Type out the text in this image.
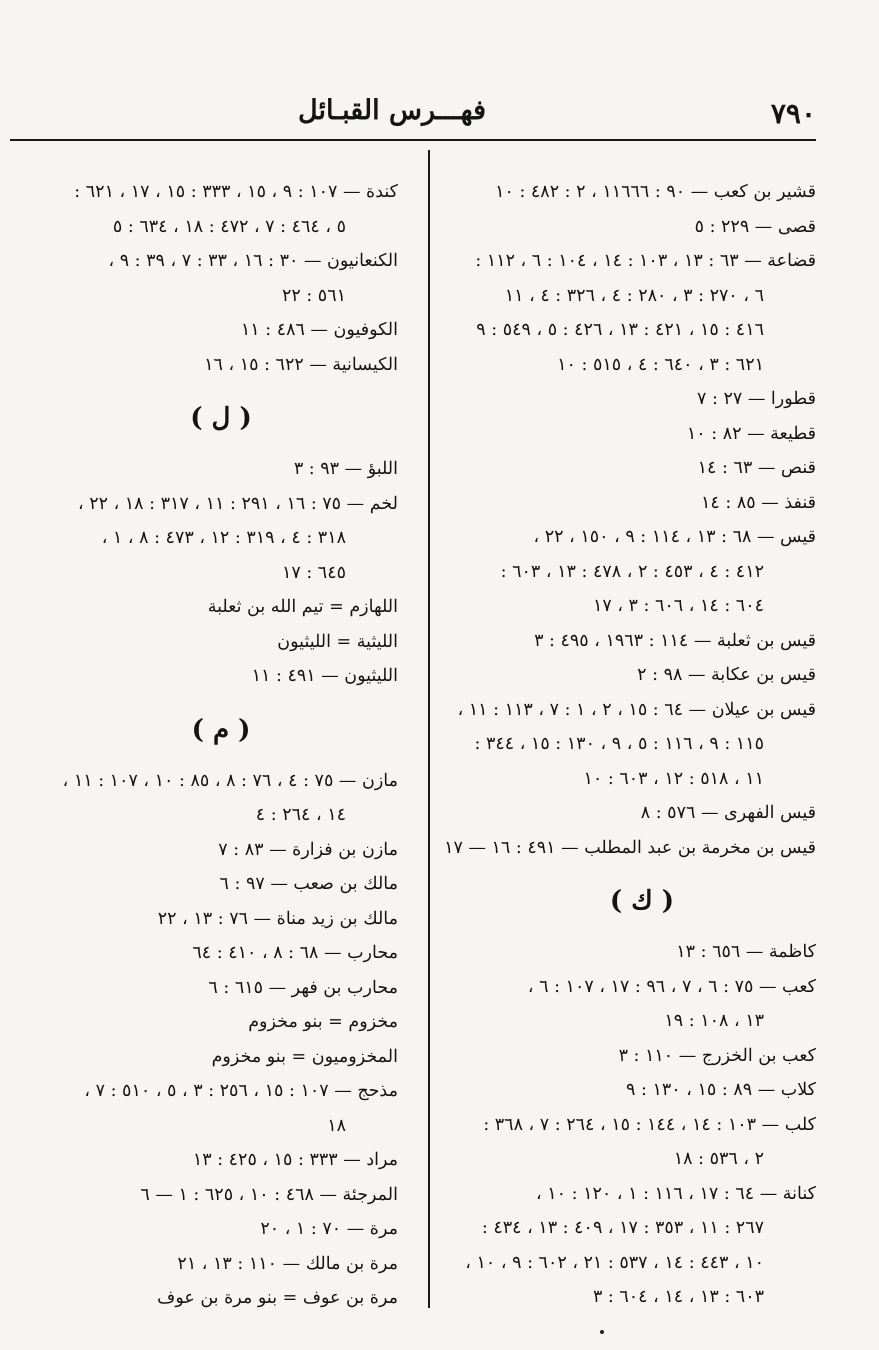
٧٩٠
فهـــرس القبـائل
قشير بن كعب — ٩٠ : ١١٦٦٦ ، ٢ : ٤٨٢ : ١٠
قصى — ٢٢٩ : ٥
قضاعة — ٦٣ : ١٣ ، ١٠٣ : ١٤ ، ١٠٤ : ٦ ، ١١٢ :
٦ ، ٢٧٠ : ٣ ، ٢٨٠ : ٤ ، ٣٢٦ : ٤ ، ١١
٤١٦ : ١٥ ، ٤٢١ : ١٣ ، ٤٢٦ : ٥ ، ٥٤٩ : ٩
٦٢١ : ٣ ، ٦٤٠ : ٤ ، ٥١٥ : ١٠
قطورا — ٢٧ : ٧
قطيعة — ٨٢ : ١٠
قنص — ٦٣ : ١٤
قنفذ — ٨٥ : ١٤
قيس — ٦٨ : ١٣ ، ١١٤ : ٩ ، ١٥٠ ، ٢٢ ،
٤١٢ : ٤ ، ٤٥٣ : ٢ ، ٤٧٨ : ١٣ ، ٦٠٣ :
٦٠٤ : ١٤ ، ٦٠٦ : ٣ ، ١٧
قيس بن ثعلبة — ١١٤ : ١٩٦٣ ، ٤٩٥ : ٣
قيس بن عكابة — ٩٨ : ٢
قيس بن عيلان — ٦٤ : ١٥ ، ٢ ، ١ : ٧ ، ١١٣ : ١١ ،
١١٥ : ٩ ، ١١٦ : ٥ ، ٩ ، ١٣٠ : ١٥ ، ٣٤٤ :
١١ ، ٥١٨ : ١٢ ، ٦٠٣ : ١٠
قيس الفهرى — ٥٧٦ : ٨
قيس بن مخرمة بن عبد المطلب — ٤٩١ : ١٦ — ١٧
( ك )
كاظمة — ٦٥٦ : ١٣
كعب — ٧٥ : ٦ ، ٧ ، ٩٦ : ١٧ ، ١٠٧ : ٦ ،
١٣ ، ١٠٨ : ١٩
كعب بن الخزرج — ١١٠ : ٣
كلاب — ٨٩ : ١٥ ، ١٣٠ : ٩
كلب — ١٠٣ : ١٤ ، ١٤٤ : ١٥ ، ٢٦٤ : ٧ ، ٣٦٨ :
٢ ، ٥٣٦ : ١٨
كنانة — ٦٤ : ١٧ ، ١١٦ : ١ ، ١٢٠ : ١٠ ،
٢٦٧ : ١١ ، ٣٥٣ : ١٧ ، ٤٠٩ : ١٣ ، ٤٣٤ :
١٠ ، ٤٤٣ : ١٤ ، ٥٣٧ : ٢١ ، ٦٠٢ : ٩ ، ١٠ ،
٦٠٣ : ١٣ ، ١٤ ، ٦٠٤ : ٣
كندة — ١٠٧ : ٩ ، ١٥ ، ٣٣٣ : ١٥ ، ١٧ ، ٦٢١ :
٥ ، ٤٦٤ : ٧ ، ٤٧٢ : ١٨ ، ٦٣٤ : ٥
الكنعانيون — ٣٠ : ١٦ ، ٣٣ : ٧ ، ٣٩ : ٩ ،
٥٦١ : ٢٢
الكوفيون — ٤٨٦ : ١١
الكيسانية — ٦٢٢ : ١٥ ، ١٦
( ل )
اللبؤ — ٩٣ : ٣
لخم — ٧٥ : ١٦ ، ٢٩١ : ١١ ، ٣١٧ : ١٨ ، ٢٢ ،
٣١٨ : ٤ ، ٣١٩ : ١٢ ، ٤٧٣ : ٨ ، ١ ،
٦٤٥ : ١٧
اللهازم = تيم الله بن ثعلبة
الليثية = الليثيون
الليثيون — ٤٩١ : ١١
( م )
مازن — ٧٥ : ٤ ، ٧٦ : ٨ ، ٨٥ : ١٠ ، ١٠٧ : ١١ ،
١٤ ، ٢٦٤ : ٤
مازن بن فزارة — ٨٣ : ٧
مالك بن صعب — ٩٧ : ٦
مالك بن زيد مناة — ٧٦ : ١٣ ، ٢٢
محارب — ٦٨ : ٨ ، ٤١٠ : ٦٤
محارب بن فهر — ٦١٥ : ٦
مخزوم = بنو مخزوم
المخزوميون = بنو مخزوم
مذحج — ١٠٧ : ١٥ ، ٢٥٦ : ٣ ، ٥ ، ٥١٠ : ٧ ،
١٨
مراد — ٣٣٣ : ١٥ ، ٤٢٥ : ١٣
المرجئة — ٤٦٨ : ١٠ ، ٦٢٥ : ١ — ٦
مرة — ٧٠ : ١ ، ٢٠
مرة بن مالك — ١١٠ : ١٣ ، ٢١
مرة بن عوف = بنو مرة بن عوف
